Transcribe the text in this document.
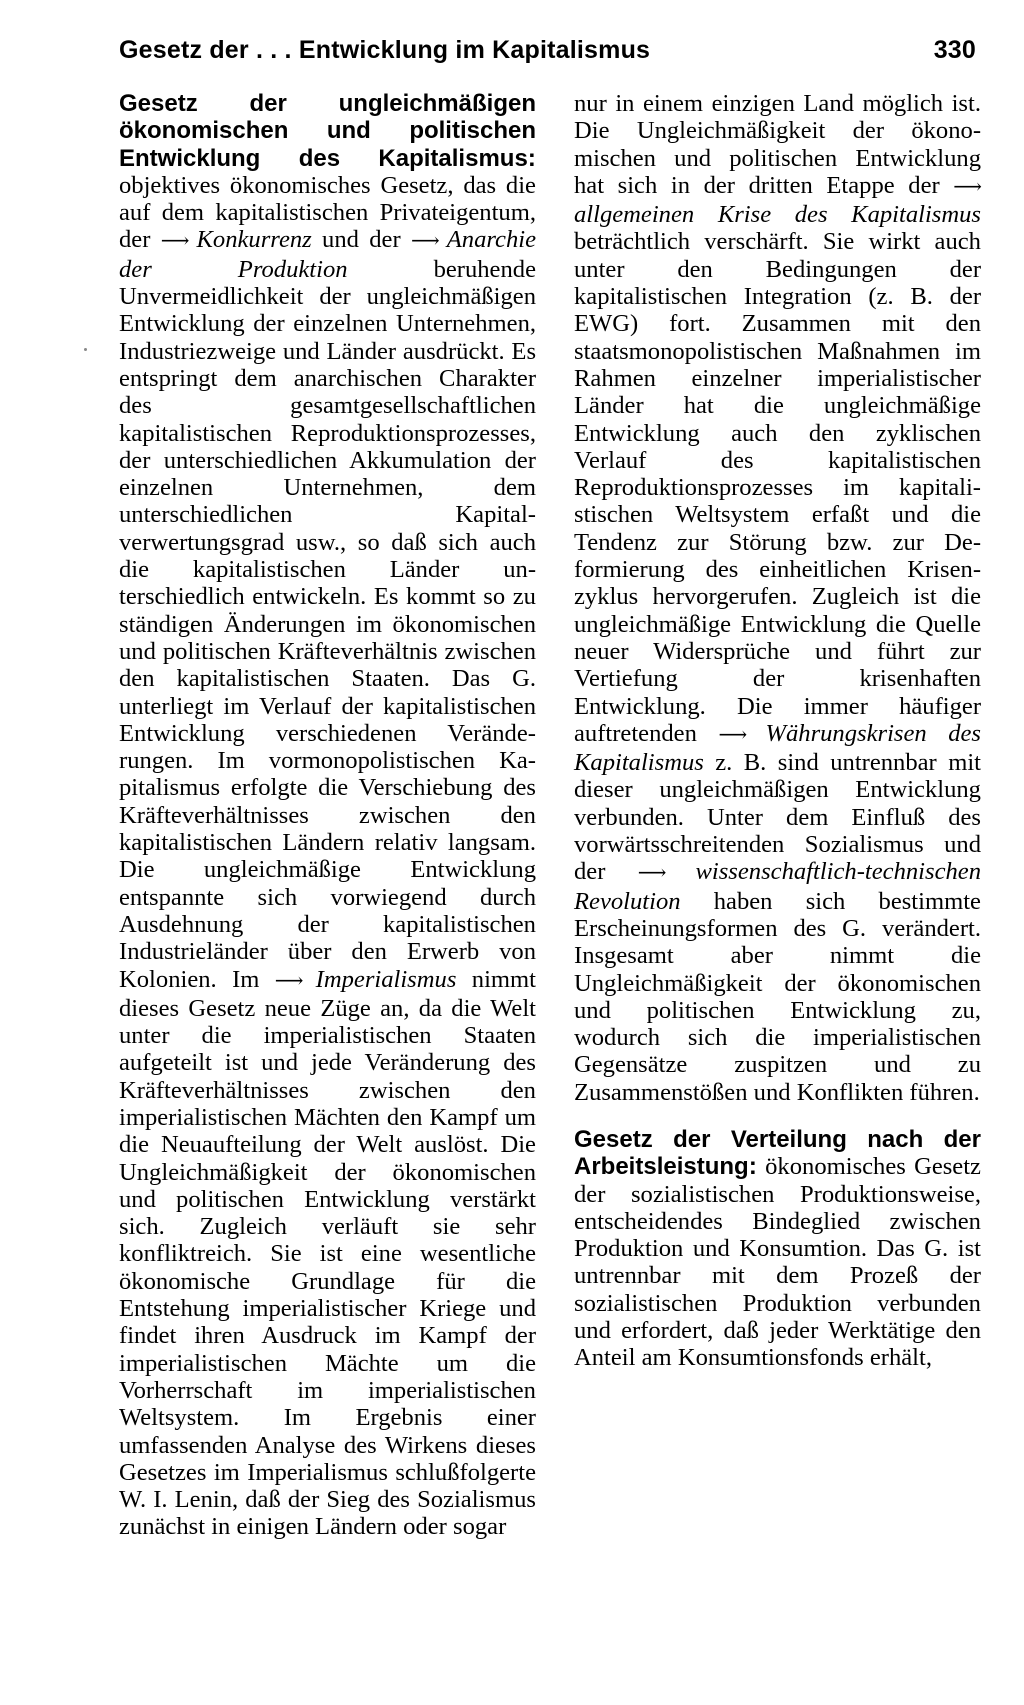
Gesetz der . . . Entwicklung im Kapitalismus	330

Gesetz der ungleichmäßigen ökonomischen und politischen Entwicklung des Kapitalismus: objektives ökonomisches Gesetz, das die auf dem kapitalistischen Privateigentum, der ⟶ Konkurrenz und der ⟶ Anarchie der Produktion	beruhende Unvermeidlichkeit der ungleichmäßigen Entwicklung der einzelnen Unternehmen, Industriezweige und Länder ausdrückt. Es entspringt dem anarchischen Charakter des	gesamtgesellschaftlichen kapitalistischen Reproduktionsprozesses, der unterschiedlichen Akkumulation der einzelnen	Unternehmen,	dem unterschiedlichen	Kapitalverwertungsgrad usw., so daß sich auch die kapitalistischen Länder unterschiedlich entwickeln. Es kommt so zu ständigen Änderungen im ökonomischen und politischen Kräfteverhältnis zwischen den kapitalistischen Staaten. Das G. unterliegt im Verlauf der kapitalistischen Entwicklung verschiedenen Veränderungen. Im vormonopolistischen Kapitalismus erfolgte die Verschiebung des Kräfteverhältnisses zwischen den kapitalistischen Ländern relativ langsam. Die ungleichmäßige Entwicklung entspannte sich vorwiegend durch Ausdehnung der kapitalistischen Industrieländer über den Erwerb von Kolonien. Im ⟶ Imperialismus nimmt dieses Gesetz neue Züge an, da die Welt unter die imperialistischen Staaten aufgeteilt ist und jede Veränderung des Kräfteverhältnisses zwischen den imperialistischen Mächten den Kampf um die Neuaufteilung der Welt auslöst. Die Ungleichmäßigkeit der ökonomischen und politischen Entwicklung verstärkt sich. Zugleich verläuft sie sehr konfliktreich. Sie ist eine wesentliche ökonomische Grundlage für die Entstehung imperialistischer Kriege und findet ihren Ausdruck im Kampf der imperialistischen Mächte um die Vorherrschaft im imperialistischen Weltsystem. Im Ergebnis einer umfassenden Analyse des Wirkens dieses Gesetzes im Imperialismus schlußfolgerte W. I. Lenin, daß der Sieg des Sozialismus zunächst in einigen Ländern oder sogar

nur in einem einzigen Land möglich ist. Die Ungleichmäßigkeit der ökonomischen und politischen Entwicklung hat sich in der dritten Etappe der ⟶ allgemeinen Krise des Kapitalismus beträchtlich verschärft. Sie wirkt auch unter den Bedingungen der kapitalistischen Integration (z. B. der EWG) fort. Zusammen mit den staatsmonopolistischen Maßnahmen im Rahmen einzelner imperialistischer Länder hat die ungleichmäßige Entwicklung auch den zyklischen Verlauf	des	kapitalistischen Reproduktionsprozesses im kapitalistischen Weltsystem erfaßt und die Tendenz zur Störung bzw. zur Deformierung des einheitlichen Krisenzyklus hervorgerufen. Zugleich ist die ungleichmäßige Entwicklung die Quelle neuer Widersprüche und führt zur Vertiefung	der	krisenhaften Entwicklung. Die immer häufiger auftretenden ⟶ Währungskrisen des Kapitalismus z. B. sind untrennbar mit dieser ungleichmäßigen Entwicklung verbunden. Unter dem Einfluß des vorwärtsschreitenden Sozialismus und der ⟶ wissenschaftlich-technischen Revolution haben sich bestimmte Erscheinungsformen des G. verändert. Insgesamt aber nimmt die Ungleichmäßigkeit der ökonomischen und politischen Entwicklung zu, wodurch sich die imperialistischen Gegensätze zuspitzen und zu Zusammenstößen und Konflikten führen.

Gesetz der Verteilung nach der Arbeitsleistung: ökonomisches Gesetz der sozialistischen Produktionsweise, entscheidendes Bindeglied zwischen Produktion und Konsumtion. Das G. ist untrennbar mit dem Prozeß der sozialistischen Produktion verbunden und erfordert, daß jeder Werktätige den Anteil am Konsumtionsfonds erhält,
